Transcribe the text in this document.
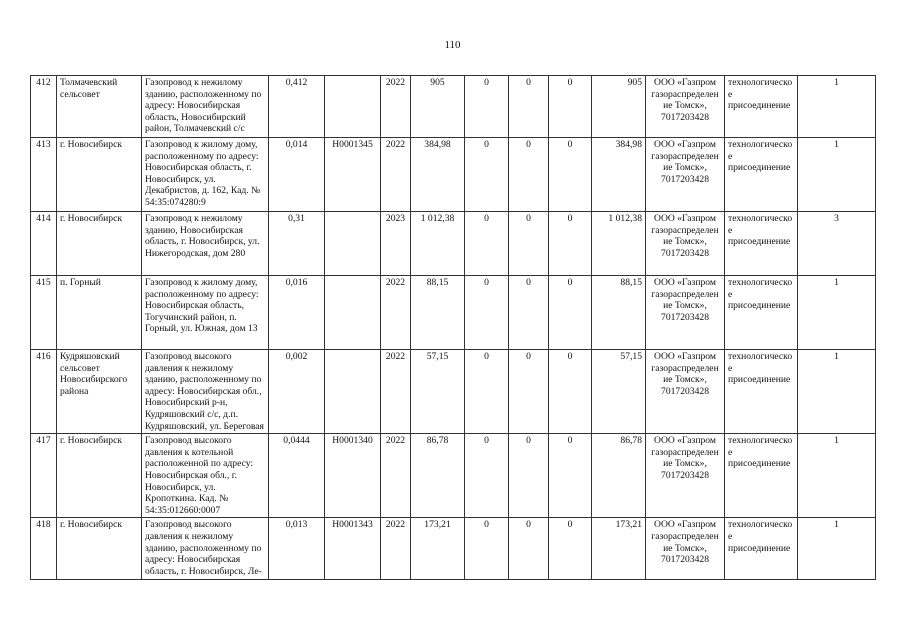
110
412	Толмачевский сельсовет	Газопровод к нежилому зданию, расположенному по адресу: Новосибирская область, Новосибирский район, Толмачевский с/с	0,412		2022	905	0	0	0	905	ООО «Газпром газораспределение Томск», 7017203428	технологическое присоединение	1
413	г. Новосибирск	Газопровод к жилому дому, расположенному по адресу: Новосибирская область, г. Новосибирск, ул. Декабристов, д. 162, Кад. № 54:35:074280:9	0,014	Н0001345	2022	384,98	0	0	0	384,98	ООО «Газпром газораспределение Томск», 7017203428	технологическое присоединение	1
414	г. Новосибирск	Газопровод к нежилому зданию, Новосибирская область, г. Новосибирск, ул. Нижегородская, дом 280	0,31		2023	1 012,38	0	0	0	1 012,38	ООО «Газпром газораспределение Томск», 7017203428	технологическое присоединение	3
415	п. Горный	Газопровод к жилому дому, расположенному по адресу: Новосибирская область, Тогучинский район, п. Горный, ул. Южная, дом 13	0,016		2022	88,15	0	0	0	88,15	ООО «Газпром газораспределение Томск», 7017203428	технологическое присоединение	1
416	Кудряшовский сельсовет Новосибирского района	Газопровод высокого давления к нежилому зданию, расположенному по адресу: Новосибирская обл., Новосибирский р-н, Кудряшовский с/с, д.п. Кудряшовский, ул. Береговая	0,002		2022	57,15	0	0	0	57,15	ООО «Газпром газораспределение Томск», 7017203428	технологическое присоединение	1
417	г. Новосибирск	Газопровод высокого давления к котельной расположенной по адресу: Новосибирская обл., г. Новосибирск, ул. Кропоткина. Кад. № 54:35:012660:0007	0,0444	Н0001340	2022	86,78	0	0	0	86,78	ООО «Газпром газораспределение Томск», 7017203428	технологическое присоединение	1
418	г. Новосибирск	Газопровод высокого давления к нежилому зданию, расположенному по адресу: Новосибирская область, г. Новосибирск, Ле-	0,013	Н0001343	2022	173,21	0	0	0	173,21	ООО «Газпром газораспределение Томск», 7017203428	технологическое присоединение	1
